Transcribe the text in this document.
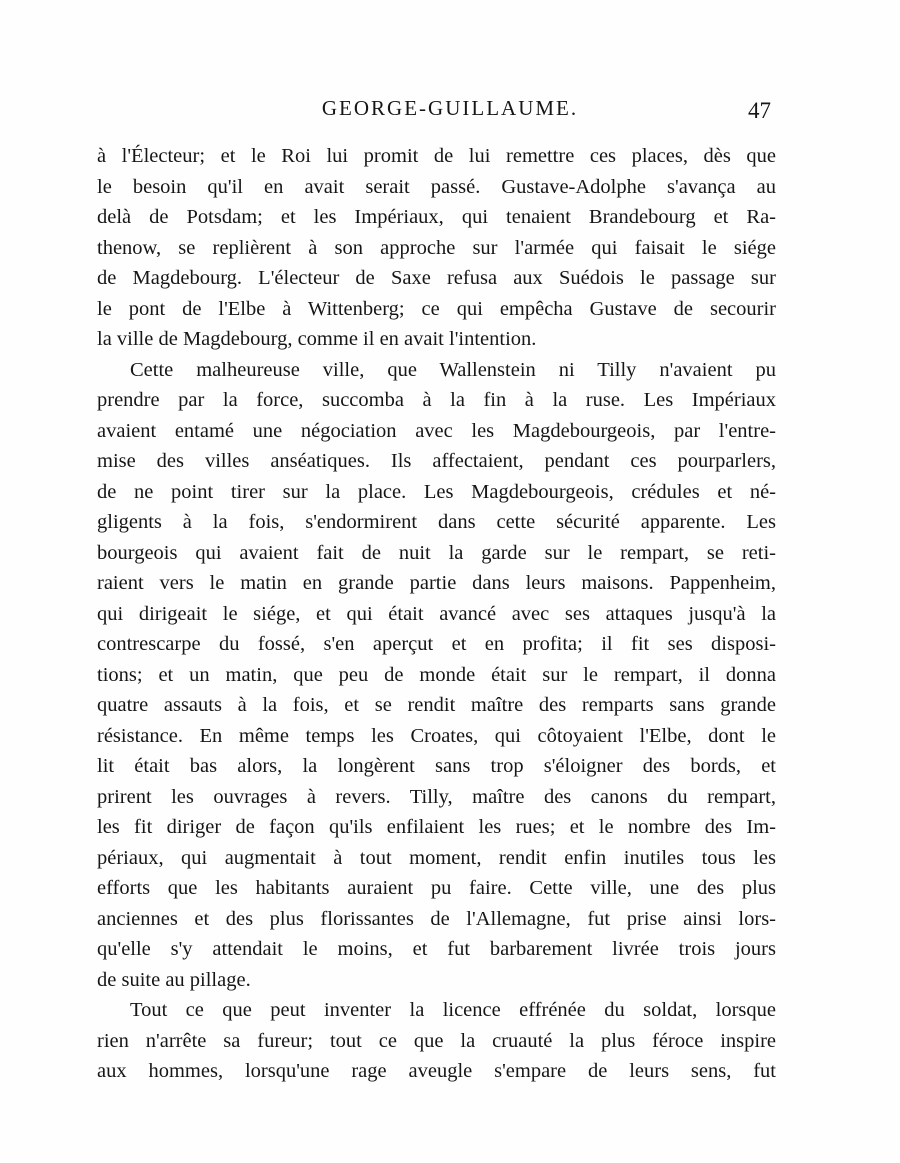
GEORGE-GUILLAUME.	47
à l'Électeur; et le Roi lui promit de lui remettre ces places, dès que
le besoin qu'il en avait serait passé. Gustave-Adolphe s'avança au
delà de Potsdam; et les Impériaux, qui tenaient Brandebourg et Ra-
thenow, se replièrent à son approche sur l'armée qui faisait le siége
de Magdebourg. L'électeur de Saxe refusa aux Suédois le passage sur
le pont de l'Elbe à Wittenberg; ce qui empêcha Gustave de secourir
la ville de Magdebourg, comme il en avait l'intention.
Cette malheureuse ville, que Wallenstein ni Tilly n'avaient pu
prendre par la force, succomba à la fin à la ruse. Les Impériaux
avaient entamé une négociation avec les Magdebourgeois, par l'entre-
mise des villes anséatiques. Ils affectaient, pendant ces pourparlers,
de ne point tirer sur la place. Les Magdebourgeois, crédules et né-
gligents à la fois, s'endormirent dans cette sécurité apparente. Les
bourgeois qui avaient fait de nuit la garde sur le rempart, se reti-
raient vers le matin en grande partie dans leurs maisons. Pappenheim,
qui dirigeait le siége, et qui était avancé avec ses attaques jusqu'à la
contrescarpe du fossé, s'en aperçut et en profita; il fit ses disposi-
tions; et un matin, que peu de monde était sur le rempart, il donna
quatre assauts à la fois, et se rendit maître des remparts sans grande
résistance. En même temps les Croates, qui côtoyaient l'Elbe, dont le
lit était bas alors, la longèrent sans trop s'éloigner des bords, et
prirent les ouvrages à revers. Tilly, maître des canons du rempart,
les fit diriger de façon qu'ils enfilaient les rues; et le nombre des Im-
périaux, qui augmentait à tout moment, rendit enfin inutiles tous les
efforts que les habitants auraient pu faire. Cette ville, une des plus
anciennes et des plus florissantes de l'Allemagne, fut prise ainsi lors-
qu'elle s'y attendait le moins, et fut barbarement livrée trois jours
de suite au pillage.
Tout ce que peut inventer la licence effrénée du soldat, lorsque
rien n'arrête sa fureur; tout ce que la cruauté la plus féroce inspire
aux hommes, lorsqu'une rage aveugle s'empare de leurs sens, fut
